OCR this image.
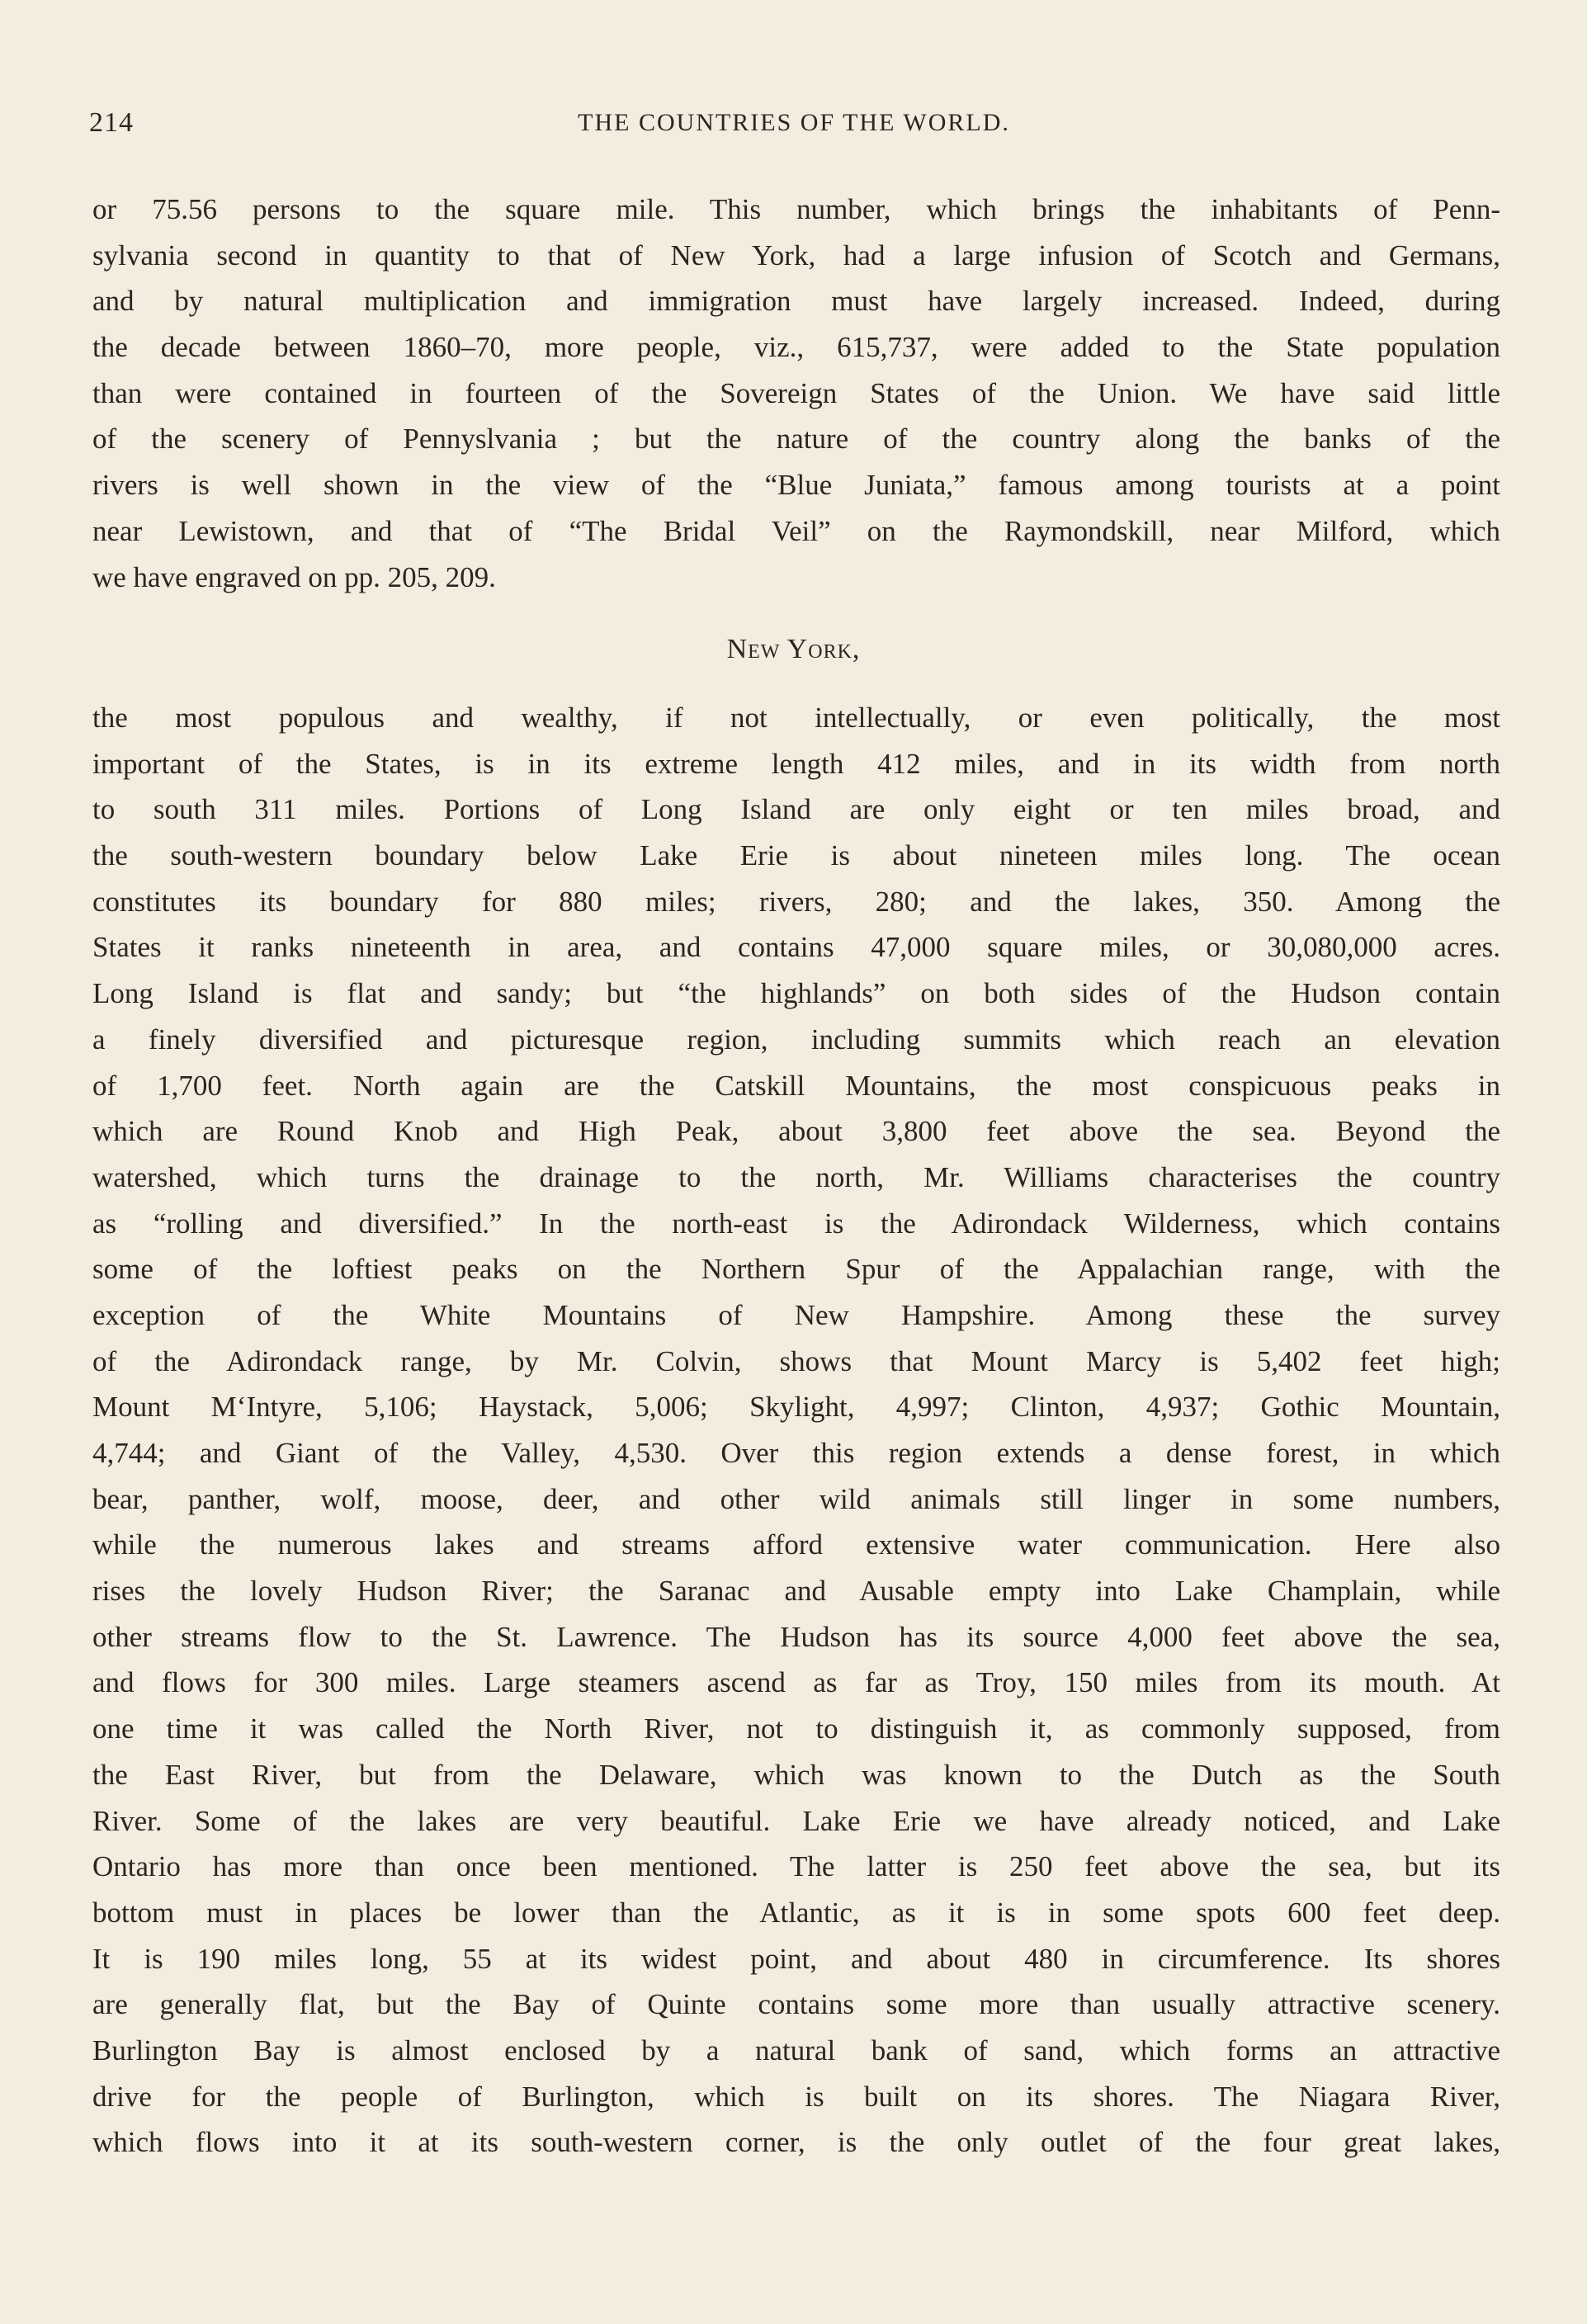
214	THE COUNTRIES OF THE WORLD.
or 75.56 persons to the square mile. This number, which brings the inhabitants of Penn-
sylvania second in quantity to that of New York, had a large infusion of Scotch and Germans,
and by natural multiplication and immigration must have largely increased. Indeed, during
the decade between 1860–70, more people, viz., 615,737, were added to the State population
than were contained in fourteen of the Sovereign States of the Union. We have said little
of the scenery of Pennyslvania ; but the nature of the country along the banks of the
rivers is well shown in the view of the “Blue Juniata,” famous among tourists at a point
near Lewistown, and that of “The Bridal Veil” on the Raymondskill, near Milford, which
we have engraved on pp. 205, 209.
New York,
the most populous and wealthy, if not intellectually, or even politically, the most
important of the States, is in its extreme length 412 miles, and in its width from north
to south 311 miles. Portions of Long Island are only eight or ten miles broad, and
the south-western boundary below Lake Erie is about nineteen miles long. The ocean
constitutes its boundary for 880 miles; rivers, 280; and the lakes, 350. Among the
States it ranks nineteenth in area, and contains 47,000 square miles, or 30,080,000 acres.
Long Island is flat and sandy; but “the highlands” on both sides of the Hudson contain
a finely diversified and picturesque region, including summits which reach an elevation
of 1,700 feet. North again are the Catskill Mountains, the most conspicuous peaks in
which are Round Knob and High Peak, about 3,800 feet above the sea. Beyond the
watershed, which turns the drainage to the north, Mr. Williams characterises the country
as “rolling and diversified.” In the north-east is the Adirondack Wilderness, which contains
some of the loftiest peaks on the Northern Spur of the Appalachian range, with the
exception of the White Mountains of New Hampshire. Among these the survey
of the Adirondack range, by Mr. Colvin, shows that Mount Marcy is 5,402 feet high;
Mount M‘Intyre, 5,106; Haystack, 5,006; Skylight, 4,997; Clinton, 4,937; Gothic Mountain,
4,744; and Giant of the Valley, 4,530. Over this region extends a dense forest, in which
bear, panther, wolf, moose, deer, and other wild animals still linger in some numbers,
while the numerous lakes and streams afford extensive water communication. Here also
rises the lovely Hudson River; the Saranac and Ausable empty into Lake Champlain, while
other streams flow to the St. Lawrence. The Hudson has its source 4,000 feet above the sea,
and flows for 300 miles. Large steamers ascend as far as Troy, 150 miles from its mouth. At
one time it was called the North River, not to distinguish it, as commonly supposed, from
the East River, but from the Delaware, which was known to the Dutch as the South
River. Some of the lakes are very beautiful. Lake Erie we have already noticed, and Lake
Ontario has more than once been mentioned. The latter is 250 feet above the sea, but its
bottom must in places be lower than the Atlantic, as it is in some spots 600 feet deep.
It is 190 miles long, 55 at its widest point, and about 480 in circumference. Its shores
are generally flat, but the Bay of Quinte contains some more than usually attractive scenery.
Burlington Bay is almost enclosed by a natural bank of sand, which forms an attractive
drive for the people of Burlington, which is built on its shores. The Niagara River,
which flows into it at its south-western corner, is the only outlet of the four great lakes,
